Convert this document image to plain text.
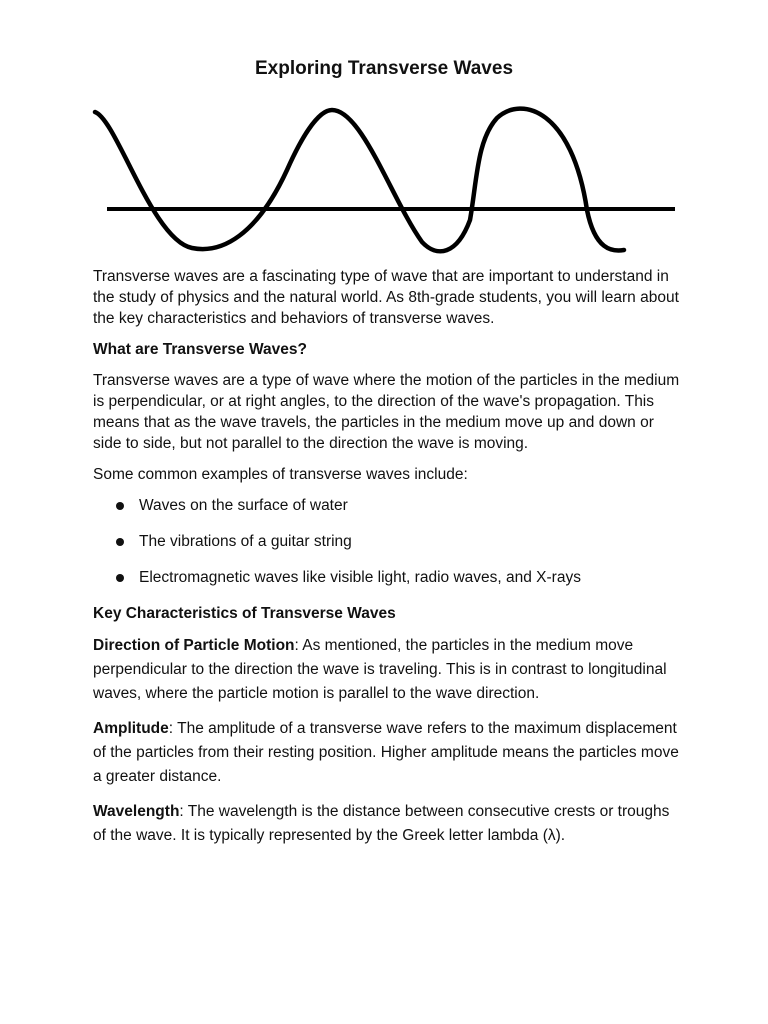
Exploring Transverse Waves

Transverse waves are a fascinating type of wave that are important to understand in the study of physics and the natural world. As 8th-grade students, you will learn about the key characteristics and behaviors of transverse waves.

What are Transverse Waves?

Transverse waves are a type of wave where the motion of the particles in the medium is perpendicular, or at right angles, to the direction of the wave's propagation. This means that as the wave travels, the particles in the medium move up and down or side to side, but not parallel to the direction the wave is moving.

Some common examples of transverse waves include:

Waves on the surface of water
The vibrations of a guitar string
Electromagnetic waves like visible light, radio waves, and X-rays
Key Characteristics of Transverse Waves

Direction of Particle Motion: As mentioned, the particles in the medium move perpendicular to the direction the wave is traveling. This is in contrast to longitudinal waves, where the particle motion is parallel to the wave direction.

Amplitude: The amplitude of a transverse wave refers to the maximum displacement of the particles from their resting position. Higher amplitude means the particles move a greater distance.

Wavelength: The wavelength is the distance between consecutive crests or troughs of the wave. It is typically represented by the Greek letter lambda (λ).
